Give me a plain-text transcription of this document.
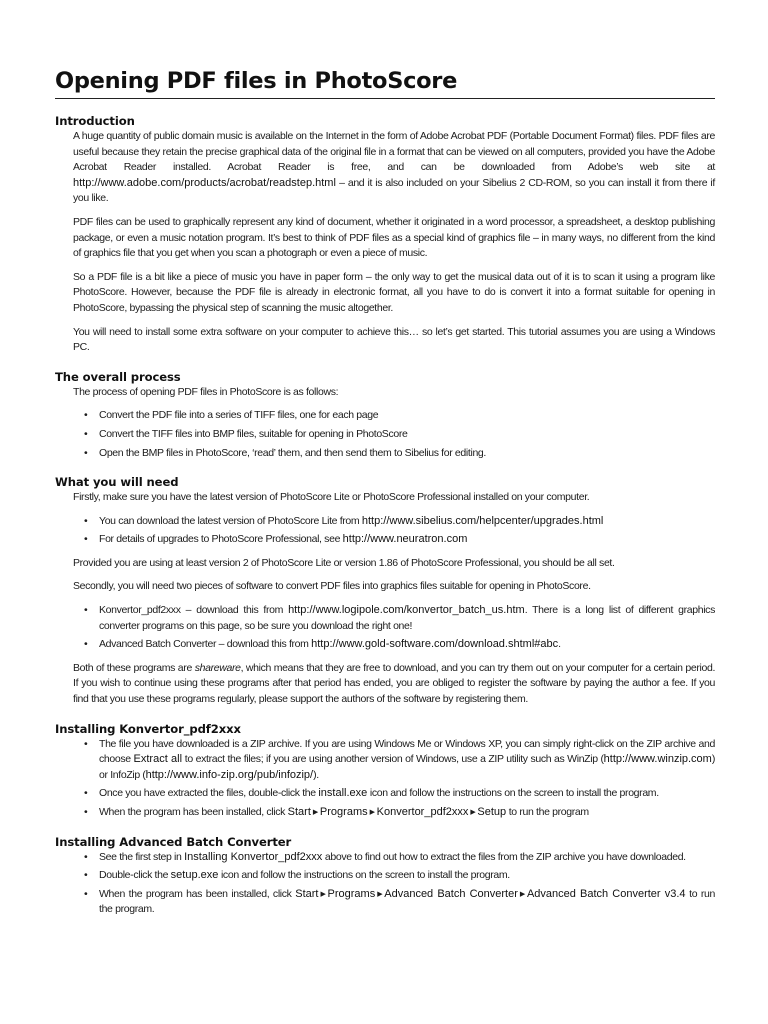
Opening PDF files in PhotoScore
Introduction

A huge quantity of public domain music is available on the Internet in the form of Adobe Acrobat PDF (Portable Document Format) files. PDF files are useful because they retain the precise graphical data of the original file in a format that can be viewed on all computers, provided you have the Adobe Acrobat Reader installed. Acrobat Reader is free, and can be downloaded from Adobe’s web site at http://www.adobe.com/products/acrobat/readstep.html – and it is also included on your Sibelius 2 CD-ROM, so you can install it from there if you like.

PDF files can be used to graphically represent any kind of document, whether it originated in a word processor, a spreadsheet, a desktop publishing package, or even a music notation program. It’s best to think of PDF files as a special kind of graphics file – in many ways, no different from the kind of graphics file that you get when you scan a photograph or even a piece of music.

So a PDF file is a bit like a piece of music you have in paper form – the only way to get the musical data out of it is to scan it using a program like PhotoScore. However, because the PDF file is already in electronic format, all you have to do is convert it into a format suitable for opening in PhotoScore, bypassing the physical step of scanning the music altogether.

You will need to install some extra software on your computer to achieve this… so let’s get started. This tutorial assumes you are using a Windows PC.

The overall process

The process of opening PDF files in PhotoScore is as follows:

• Convert the PDF file into a series of TIFF files, one for each page
• Convert the TIFF files into BMP files, suitable for opening in PhotoScore
• Open the BMP files in PhotoScore, ‘read’ them, and then send them to Sibelius for editing.
What you will need

Firstly, make sure you have the latest version of PhotoScore Lite or PhotoScore Professional installed on your computer.

• You can download the latest version of PhotoScore Lite from http://www.sibelius.com/helpcenter/upgrades.html
• For details of upgrades to PhotoScore Professional, see http://www.neuratron.com

Provided you are using at least version 2 of PhotoScore Lite or version 1.86 of PhotoScore Professional, you should be all set.

Secondly, you will need two pieces of software to convert PDF files into graphics files suitable for opening in PhotoScore.

• Konvertor_pdf2xxx – download this from http://www.logipole.com/konvertor_batch_us.htm. There is a long list of different graphics converter programs on this page, so be sure you download the right one!
• Advanced Batch Converter – download this from http://www.gold-software.com/download.shtml#abc.

Both of these programs are shareware, which means that they are free to download, and you can try them out on your computer for a certain period. If you wish to continue using these programs after that period has ended, you are obliged to register the software by paying the author a fee. If you find that you use these programs regularly, please support the authors of the software by registering them.

Installing Konvertor_pdf2xxx
• The file you have downloaded is a ZIP archive. If you are using Windows Me or Windows XP, you can simply right-click on the ZIP archive and choose Extract all to extract the files; if you are using another version of Windows, use a ZIP utility such as WinZip (http://www.winzip.com) or InfoZip (http://www.info-zip.org/pub/infozip/).
• Once you have extracted the files, double-click the install.exe icon and follow the instructions on the screen to install the program.
• When the program has been installed, click Start ▶ Programs ▶ Konvertor_pdf2xxx ▶ Setup to run the program
Installing Advanced Batch Converter
• See the first step in Installing Konvertor_pdf2xxx above to find out how to extract the files from the ZIP archive you have downloaded.
• Double-click the setup.exe icon and follow the instructions on the screen to install the program.
• When the program has been installed, click Start ▶ Programs ▶ Advanced Batch Converter ▶ Advanced Batch Converter v3.4 to run the program.
